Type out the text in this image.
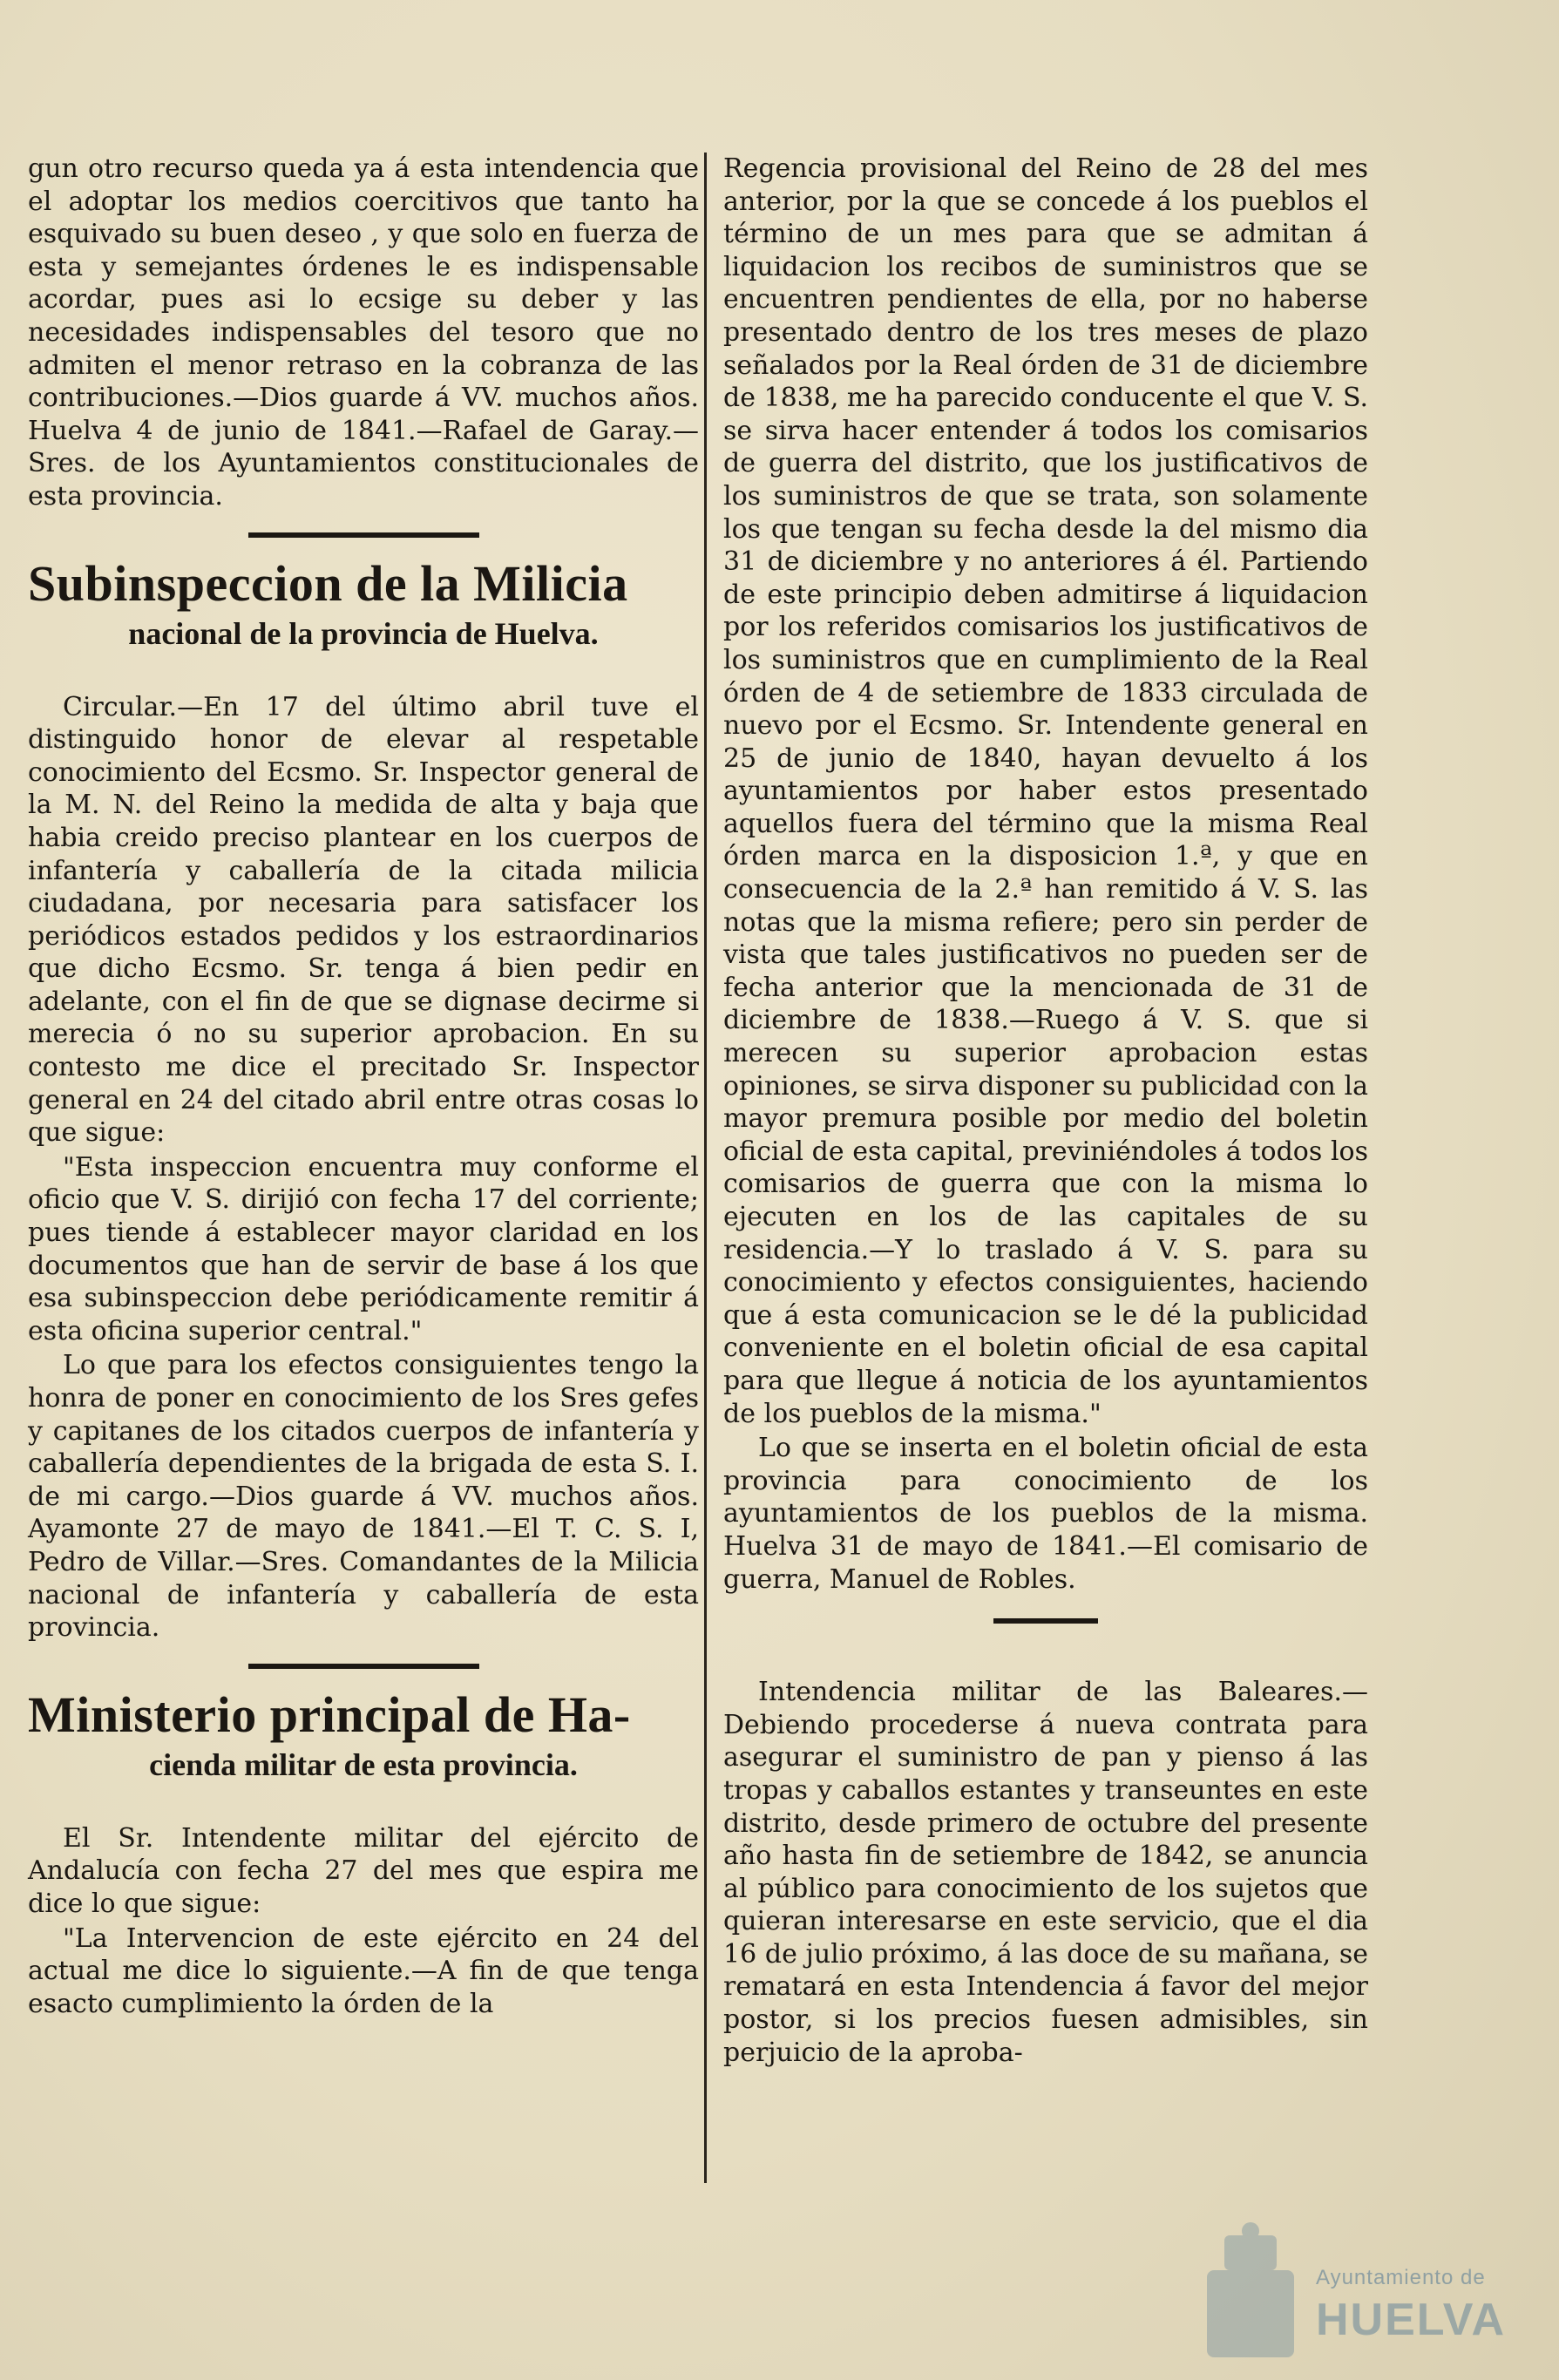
gun otro recurso queda ya á esta intendencia que el adoptar los medios coercitivos que tanto ha esquivado su buen deseo , y que solo en fuerza de esta y semejantes órdenes le es indispensable acordar, pues asi lo ecsige su deber y las necesidades indispensables del tesoro que no admiten el menor retraso en la cobranza de las contribuciones.—Dios guarde á VV. muchos años. Huelva 4 de junio de 1841.—Rafael de Garay.—Sres. de los Ayuntamientos constitucionales de esta provincia.

Subinspeccion de la Milicia
nacional de la provincia de Huelva.

Circular.—En 17 del último abril tuve el distinguido honor de elevar al respetable conocimiento del Ecsmo. Sr. Inspector general de la M. N. del Reino la medida de alta y baja que habia creido preciso plantear en los cuerpos de infantería y caballería de la citada milicia ciudadana, por necesaria para satisfacer los periódicos estados pedidos y los estraordinarios que dicho Ecsmo. Sr. tenga á bien pedir en adelante, con el fin de que se dignase decirme si merecia ó no su superior aprobacion. En su contesto me dice el precitado Sr. Inspector general en 24 del citado abril entre otras cosas lo que sigue:

"Esta inspeccion encuentra muy conforme el oficio que V. S. dirijió con fecha 17 del corriente; pues tiende á establecer mayor claridad en los documentos que han de servir de base á los que esa subinspeccion debe periódicamente remitir á esta oficina superior central."

Lo que para los efectos consiguientes tengo la honra de poner en conocimiento de los Sres gefes y capitanes de los citados cuerpos de infantería y caballería dependientes de la brigada de esta S. I. de mi cargo.—Dios guarde á VV. muchos años. Ayamonte 27 de mayo de 1841.—El T. C. S. I, Pedro de Villar.—Sres. Comandantes de la Milicia nacional de infantería y caballería de esta provincia.

Ministerio principal de Ha-
cienda militar de esta provincia.

El Sr. Intendente militar del ejército de Andalucía con fecha 27 del mes que espira me dice lo que sigue:

"La Intervencion de este ejército en 24 del actual me dice lo siguiente.—A fin de que tenga esacto cumplimiento la órden de la

Regencia provisional del Reino de 28 del mes anterior, por la que se concede á los pueblos el término de un mes para que se admitan á liquidacion los recibos de suministros que se encuentren pendientes de ella, por no haberse presentado dentro de los tres meses de plazo señalados por la Real órden de 31 de diciembre de 1838, me ha parecido conducente el que V. S. se sirva hacer entender á todos los comisarios de guerra del distrito, que los justificativos de los suministros de que se trata, son solamente los que tengan su fecha desde la del mismo dia 31 de diciembre y no anteriores á él. Partiendo de este principio deben admitirse á liquidacion por los referidos comisarios los justificativos de los suministros que en cumplimiento de la Real órden de 4 de setiembre de 1833 circulada de nuevo por el Ecsmo. Sr. Intendente general en 25 de junio de 1840, hayan devuelto á los ayuntamientos por haber estos presentado aquellos fuera del término que la misma Real órden marca en la disposicion 1.ª, y que en consecuencia de la 2.ª han remitido á V. S. las notas que la misma refiere; pero sin perder de vista que tales justificativos no pueden ser de fecha anterior que la mencionada de 31 de diciembre de 1838.—Ruego á V. S. que si merecen su superior aprobacion estas opiniones, se sirva disponer su publicidad con la mayor premura posible por medio del boletin oficial de esta capital, previniéndoles á todos los comisarios de guerra que con la misma lo ejecuten en los de las capitales de su residencia.—Y lo traslado á V. S. para su conocimiento y efectos consiguientes, haciendo que á esta comunicacion se le dé la publicidad conveniente en el boletin oficial de esa capital para que llegue á noticia de los ayuntamientos de los pueblos de la misma."

Lo que se inserta en el boletin oficial de esta provincia para conocimiento de los ayuntamientos de los pueblos de la misma. Huelva 31 de mayo de 1841.—El comisario de guerra, Manuel de Robles.

Intendencia militar de las Baleares.—Debiendo procederse á nueva contrata para asegurar el suministro de pan y pienso á las tropas y caballos estantes y transeuntes en este distrito, desde primero de octubre del presente año hasta fin de setiembre de 1842, se anuncia al público para conocimiento de los sujetos que quieran interesarse en este servicio, que el dia 16 de julio próximo, á las doce de su mañana, se rematará en esta Intendencia á favor del mejor postor, si los precios fuesen admisibles, sin perjuicio de la aproba-

Ayuntamiento de
HUELVA
